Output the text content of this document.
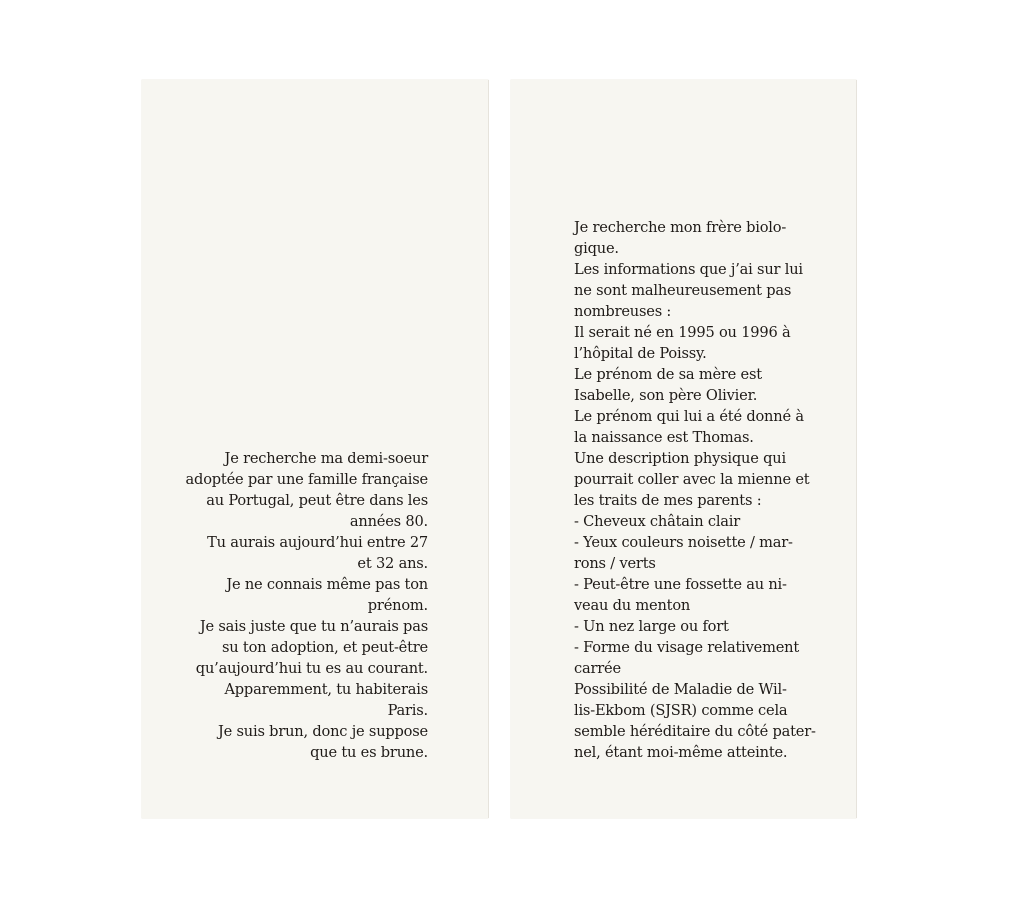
Je recherche ma demi-soeur
adoptée par une famille française
au Portugal, peut être dans les
années 80.
Tu aurais aujourd’hui entre 27
et 32 ans.
Je ne connais même pas ton
prénom.
Je sais juste que tu n’aurais pas
su ton adoption, et peut-être
qu’aujourd’hui tu es au courant.
Apparemment, tu habiterais
Paris.
Je suis brun, donc je suppose
que tu es brune.

Je recherche mon frère biolo-
gique.
Les informations que j’ai sur lui
ne sont malheureusement pas
nombreuses :
Il serait né en 1995 ou 1996 à
l’hôpital de Poissy.
Le prénom de sa mère est
Isabelle, son père Olivier.
Le prénom qui lui a été donné à
la naissance est Thomas.
Une description physique qui
pourrait coller avec la mienne et
les traits de mes parents :
- Cheveux châtain clair
- Yeux couleurs noisette / mar-
rons / verts
- Peut-être une fossette au ni-
veau du menton
- Un nez large ou fort
- Forme du visage relativement
carrée
Possibilité de Maladie de Wil-
lis-Ekbom (SJSR) comme cela
semble héréditaire du côté pater-
nel, étant moi-même atteinte.
